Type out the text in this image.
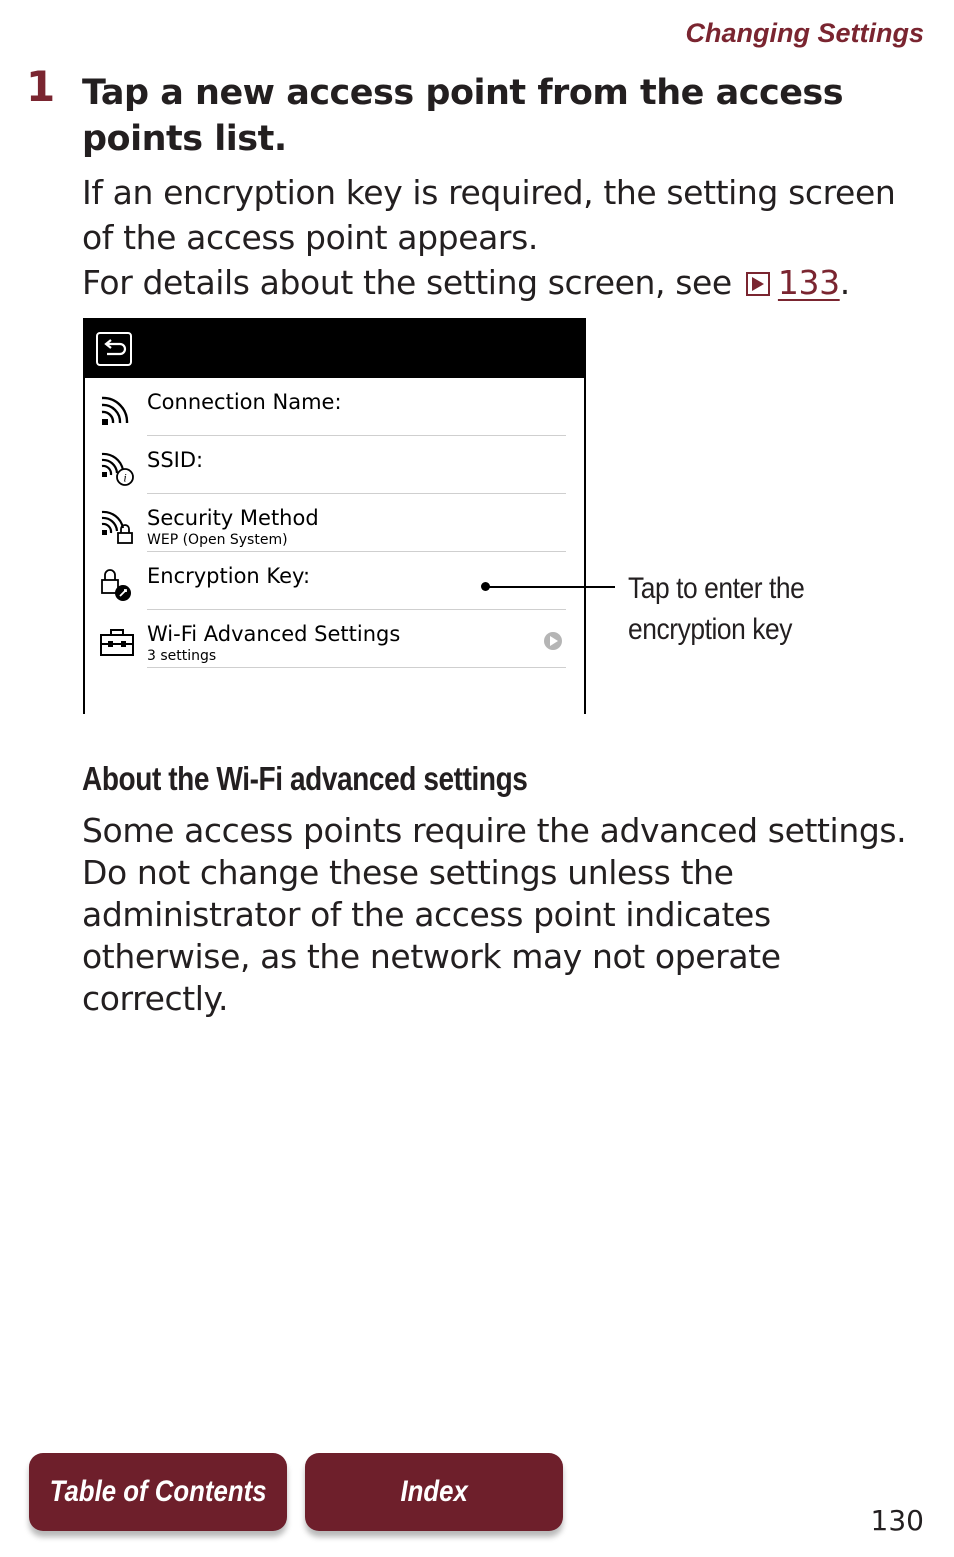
Changing Settings
1 Tap a new access point from the access points list.
If an encryption key is required, the setting screen of the access point appears.
For details about the setting screen, see 133.
Connection Name:
i
SSID:
Security Method
WEP (Open System)
Encryption Key:
Wi-Fi Advanced Settings
3 settings
Tap to enter the encryption key
About the Wi-Fi advanced settings
Some access points require the advanced settings. Do not change these settings unless the administrator of the access point indicates otherwise, as the network may not operate correctly.
Table of Contents	Index
130
